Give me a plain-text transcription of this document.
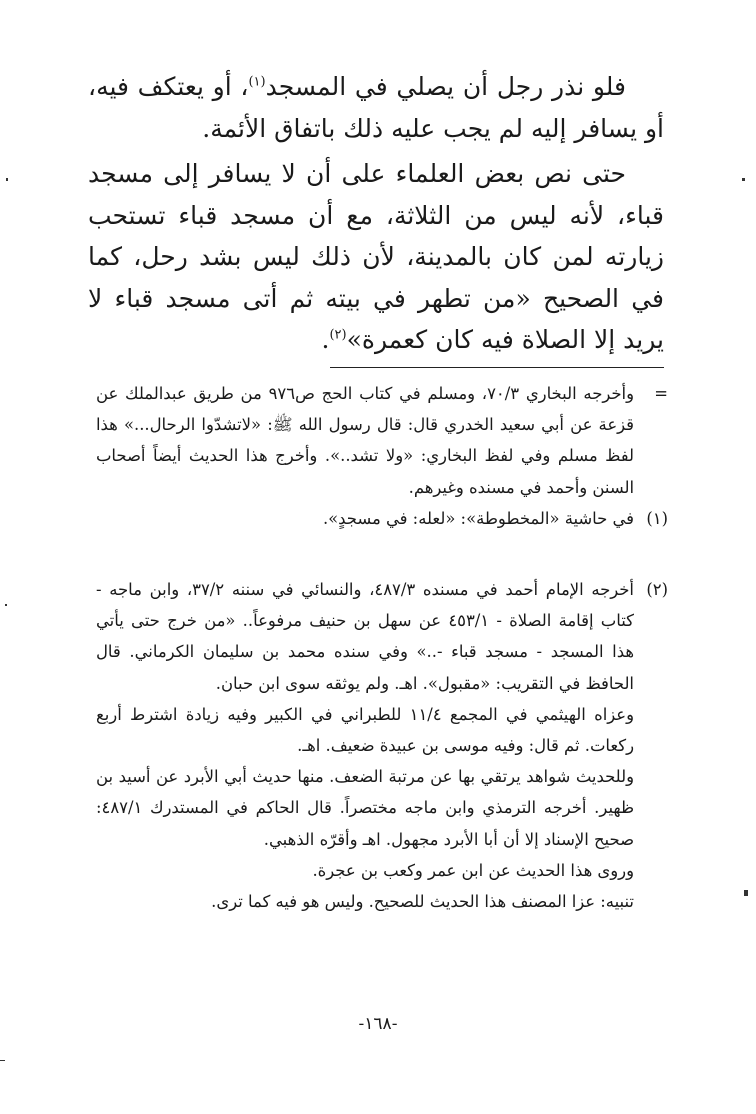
فلو نذر رجل أن يصلي في المسجد$^{(١)}$، أو يعتكف فيه، أو يسافر إليه لم يجب عليه ذلك باتفاق الأئمة.

حتى نص بعض العلماء على أن لا يسافر إلى مسجد قباء، لأنه ليس من الثلاثة، مع أن مسجد قباء تستحب زيارته لمن كان بالمدينة، لأن ذلك ليس بشد رحل، كما في الصحيح «من تطهر في بيته ثم أتى مسجد قباء لا يريد إلا الصلاة فيه كان كعمرة»$^{(٢)}$.

=
وأخرجه البخاري ٧٠/٣، ومسلم في كتاب الحج ص٩٧٦ من طريق عبدالملك عن قزعة عن أبي سعيد الخدري قال: قال رسول الله ﷺ: «لاتشدّوا الرحال...» هذا لفظ مسلم وفي لفظ البخاري: «ولا تشد..». وأخرج هذا الحديث أيضاً أصحاب السنن وأحمد في مسنده وغيرهم.
(١)
في حاشية «المخطوطة»: «لعله: في مسجدٍ».
(٢)

أخرجه الإمام أحمد في مسنده ٤٨٧/٣، والنسائي في سننه ٣٧/٢، وابن ماجه - كتاب إقامة الصلاة - ٤٥٣/١ عن سهل بن حنيف مرفوعاً.. «من خرج حتى يأتي هذا المسجد - مسجد قباء -..» وفي سنده محمد بن سليمان الكرماني. قال الحافظ في التقريب: «مقبول». اهـ. ولم يوثقه سوى ابن حبان.

وعزاه الهيثمي في المجمع ١١/٤ للطبراني في الكبير وفيه زيادة اشترط أربع ركعات. ثم قال: وفيه موسى بن عبيدة ضعيف. اهـ.

وللحديث شواهد يرتقي بها عن مرتبة الضعف. منها حديث أبي الأبرد عن أسيد بن ظهير. أخرجه الترمذي وابن ماجه مختصراً. قال الحاكم في المستدرك ٤٨٧/١: صحيح الإسناد إلا أن أبا الأبرد مجهول. اهـ وأقرّه الذهبي.

وروى هذا الحديث عن ابن عمر وكعب بن عجرة.

تنبيه: عزا المصنف هذا الحديث للصحيح. وليس هو فيه كما ترى.

-١٦٨-
